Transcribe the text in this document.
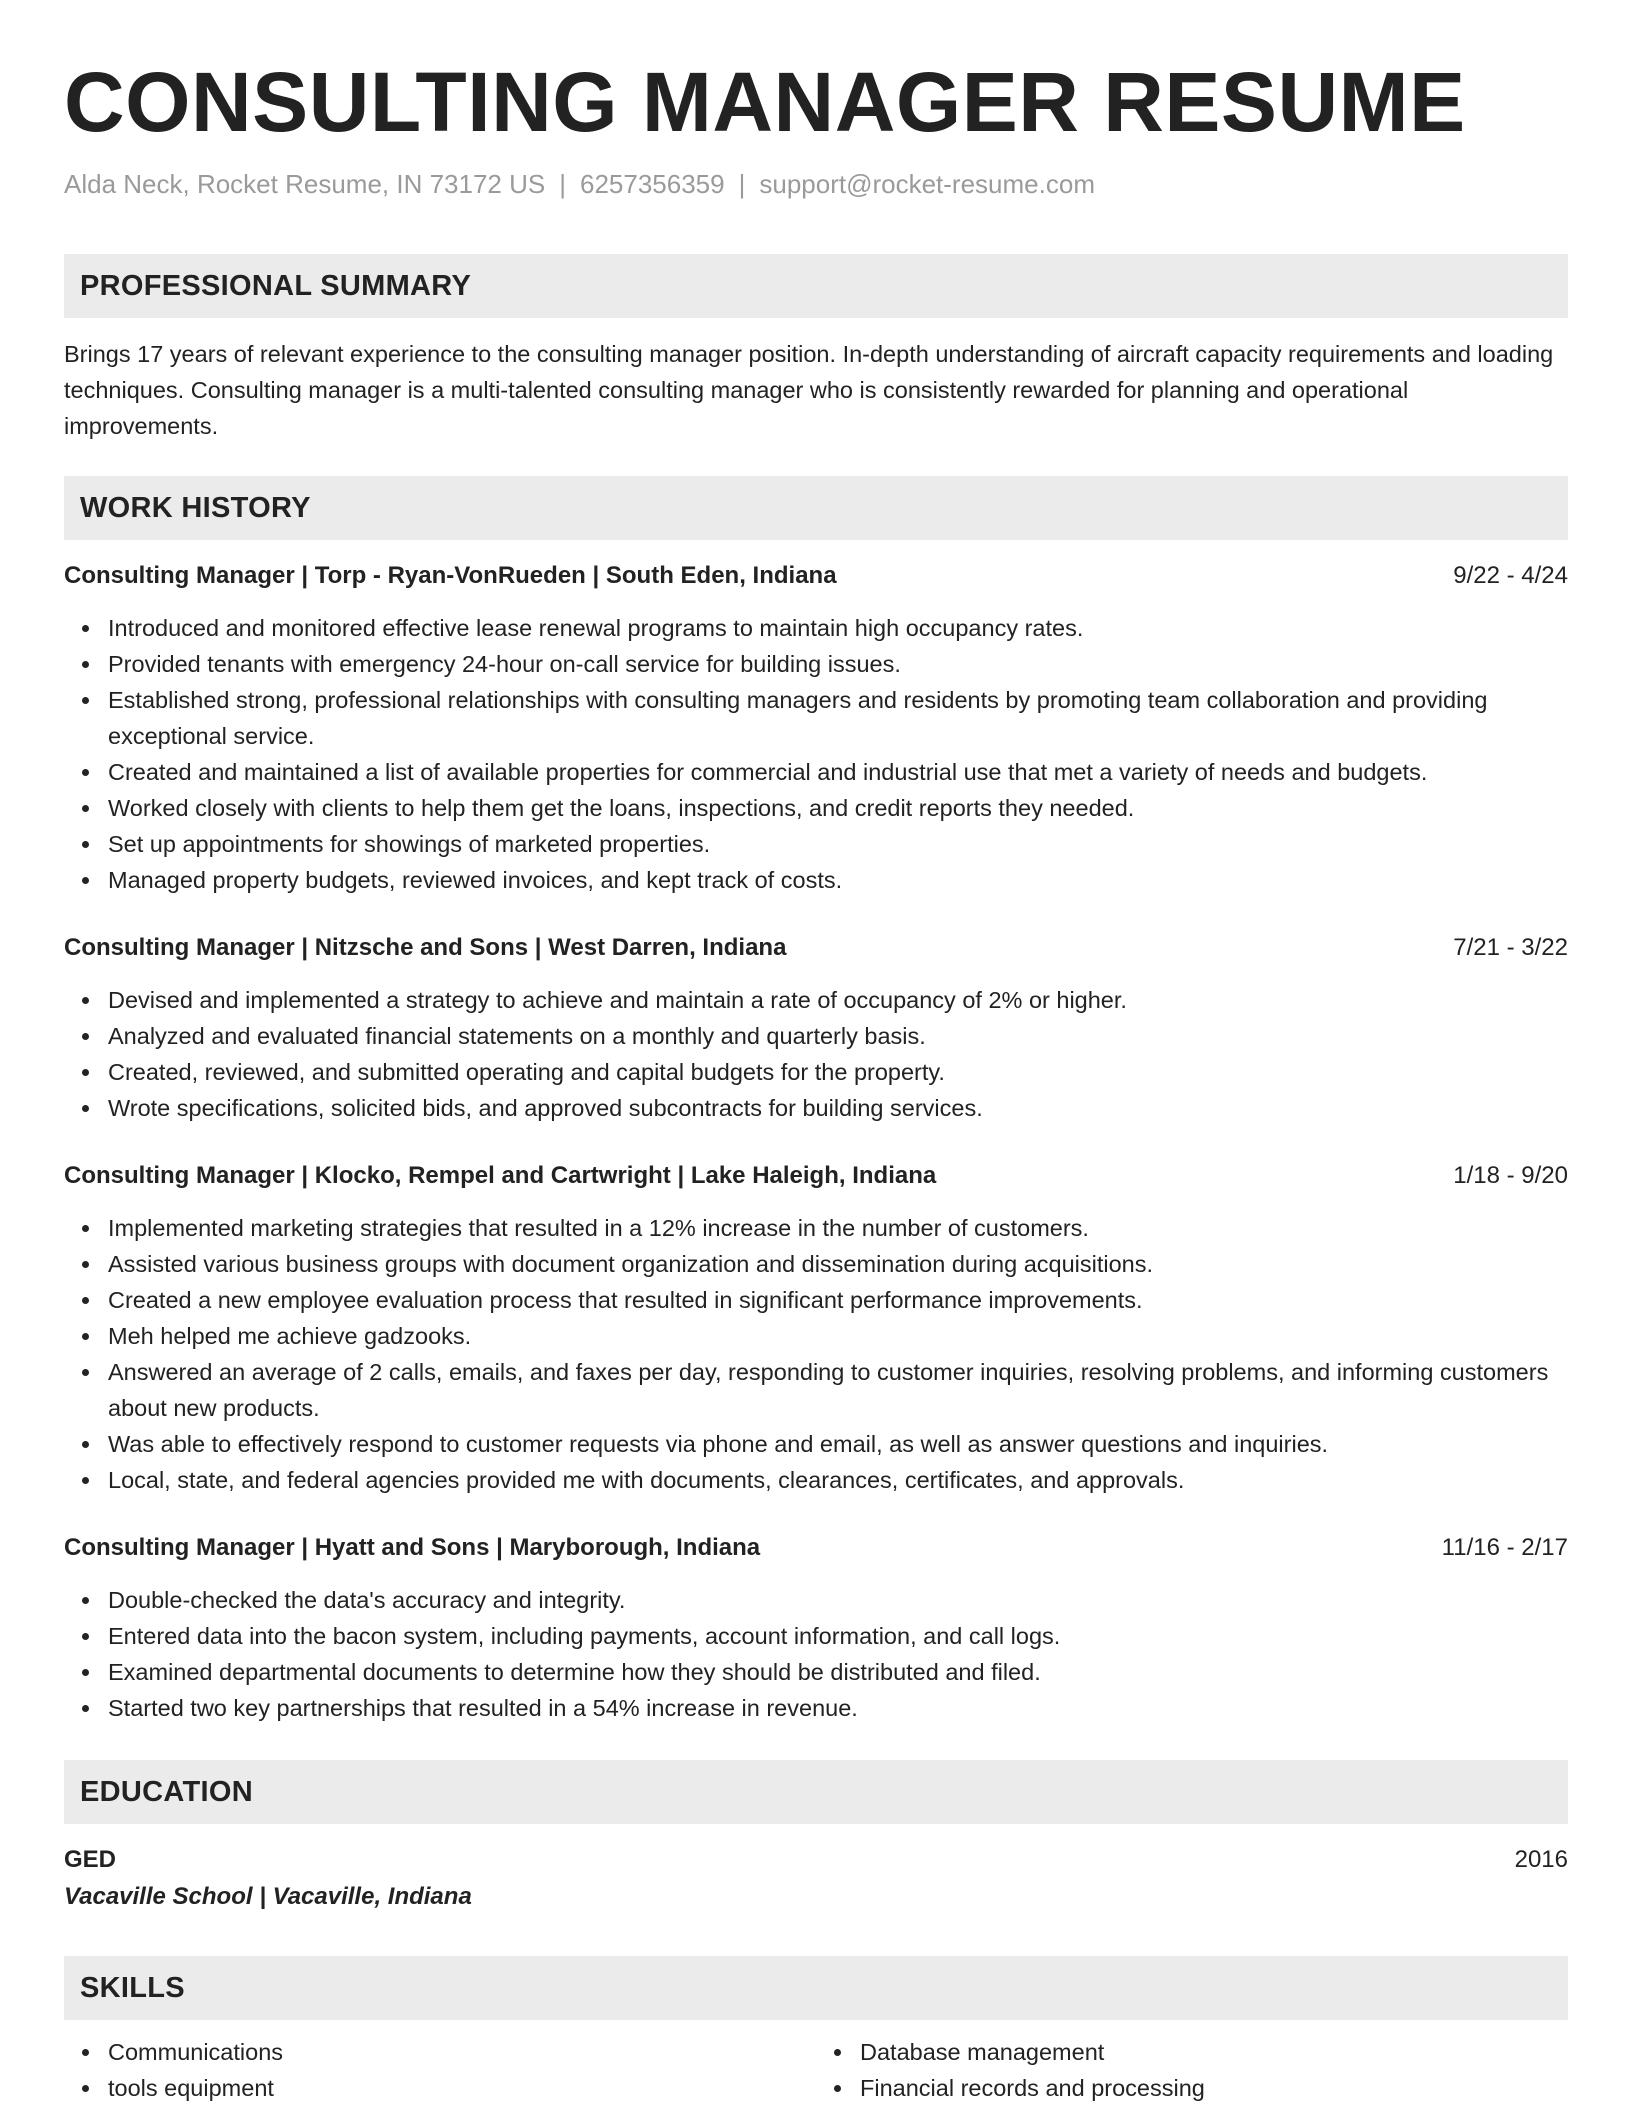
CONSULTING MANAGER RESUME
Alda Neck, Rocket Resume, IN 73172 US | 6257356359 | support@rocket-resume.com
PROFESSIONAL SUMMARY
Brings 17 years of relevant experience to the consulting manager position. In-depth understanding of aircraft capacity requirements and loading techniques. Consulting manager is a multi-talented consulting manager who is consistently rewarded for planning and operational improvements.
WORK HISTORY
Consulting Manager | Torp - Ryan-VonRueden | South Eden, Indiana	9/22 - 4/24
Introduced and monitored effective lease renewal programs to maintain high occupancy rates.
Provided tenants with emergency 24-hour on-call service for building issues.
Established strong, professional relationships with consulting managers and residents by promoting team collaboration and providing exceptional service.
Created and maintained a list of available properties for commercial and industrial use that met a variety of needs and budgets.
Worked closely with clients to help them get the loans, inspections, and credit reports they needed.
Set up appointments for showings of marketed properties.
Managed property budgets, reviewed invoices, and kept track of costs.
Consulting Manager | Nitzsche and Sons | West Darren, Indiana	7/21 - 3/22
Devised and implemented a strategy to achieve and maintain a rate of occupancy of 2% or higher.
Analyzed and evaluated financial statements on a monthly and quarterly basis.
Created, reviewed, and submitted operating and capital budgets for the property.
Wrote specifications, solicited bids, and approved subcontracts for building services.
Consulting Manager | Klocko, Rempel and Cartwright | Lake Haleigh, Indiana	1/18 - 9/20
Implemented marketing strategies that resulted in a 12% increase in the number of customers.
Assisted various business groups with document organization and dissemination during acquisitions.
Created a new employee evaluation process that resulted in significant performance improvements.
Meh helped me achieve gadzooks.
Answered an average of 2 calls, emails, and faxes per day, responding to customer inquiries, resolving problems, and informing customers about new products.
Was able to effectively respond to customer requests via phone and email, as well as answer questions and inquiries.
Local, state, and federal agencies provided me with documents, clearances, certificates, and approvals.
Consulting Manager | Hyatt and Sons | Maryborough, Indiana	11/16 - 2/17
Double-checked the data's accuracy and integrity.
Entered data into the bacon system, including payments, account information, and call logs.
Examined departmental documents to determine how they should be distributed and filed.
Started two key partnerships that resulted in a 54% increase in revenue.
EDUCATION
GED	2016
Vacaville School | Vacaville, Indiana
SKILLS
Communications
tools equipment
Database management
Financial records and processing
